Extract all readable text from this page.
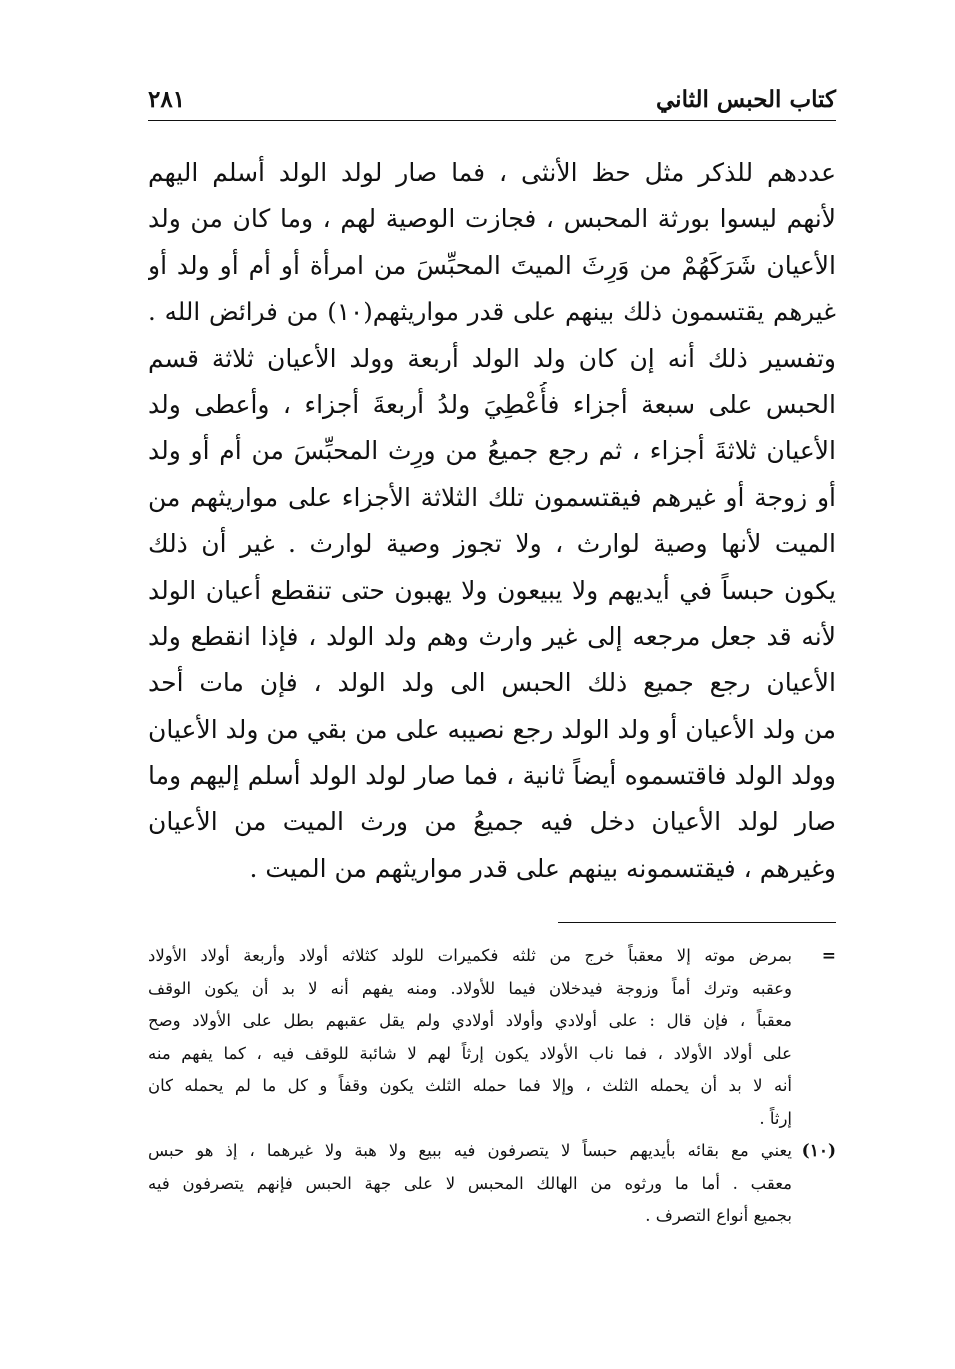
كتاب الحبس الثاني
٢٨١
عددهم للذكر مثل حظ الأنثى ، فما صار لولد الولد أسلم اليهم
لأنهم ليسوا بورثة المحبس ، فجازت الوصية لهم ، وما كان من ولد
الأعيان شَرَكَهُمْ من وَرِثَ الميتَ المحبِّسَ من امرأة أو أم أو ولد أو
غيرهم يقتسمون ذلك بينهم على قدر مواريثهم(١٠) من فرائض الله .
وتفسير ذلك أنه إن كان ولد الولد أربعة وولد الأعيان ثلاثة قسم
الحبس على سبعة أجزاء فأُعْطِيَ ولدُ أربعةَ أجزاء ، وأعطى ولد
الأعيان ثلاثةَ أجزاء ، ثم رجع جميعُ من ورِث المحبِّسَ من أم أو ولد
أو زوجة أو غيرهم فيقتسمون تلك الثلاثة الأجزاء على مواريثهم من
الميت لأنها وصية لوارث ، ولا تجوز وصية لوارث . غير أن ذلك
يكون حبساً في أيديهم ولا يبيعون ولا يهبون حتى تنقطع أعيان الولد
لأنه قد جعل مرجعه إلى غير وارث وهم ولد الولد ، فإذا انقطع ولد
الأعيان رجع جميع ذلك الحبس الى ولد الولد ، فإن مات أحد
من ولد الأعيان أو ولد الولد رجع نصيبه على من بقي من ولد الأعيان
وولد الولد فاقتسموه أيضاً ثانية ، فما صار لولد الولد أسلم إليهم وما
صار لولد الأعيان دخل فيه جميعُ من ورث الميت من الأعيان
وغيرهم ، فيقتسمونه بينهم على قدر مواريثهم من الميت .
=
بمرض موته إلا معقباً خرج من ثلثه فكميرات للولد كثلاثه أولاد وأربعة أولاد الأولاد
وعقبه وترك أماً وزوجة فيدخلان فيما للأولاد. ومنه يفهم أنه لا بد أن يكون الوقف
معقباً ، فإن قال : على أولادي وأولاد أولادي ولم يقل عقبهم بطل على الأولاد وصح
على أولاد الأولاد ، فما ناب الأولاد يكون إرثاً لهم لا شائبة للوقف فيه ، كما يفهم منه
أنه لا بد أن يحمله الثلث ، وإلا فما حمله الثلث يكون وقفاً و كل ما لم يحمله كان
إرثاً .
(١٠)
يعني مع بقائه بأيديهم حبساً لا يتصرفون فيه ببيع ولا هبة ولا غيرهما ، إذ هو حبس
معقب . أما ما ورثوه من الهالك المحبس لا على جهة الحبس فإنهم يتصرفون فيه
بجميع أنواع التصرف .
